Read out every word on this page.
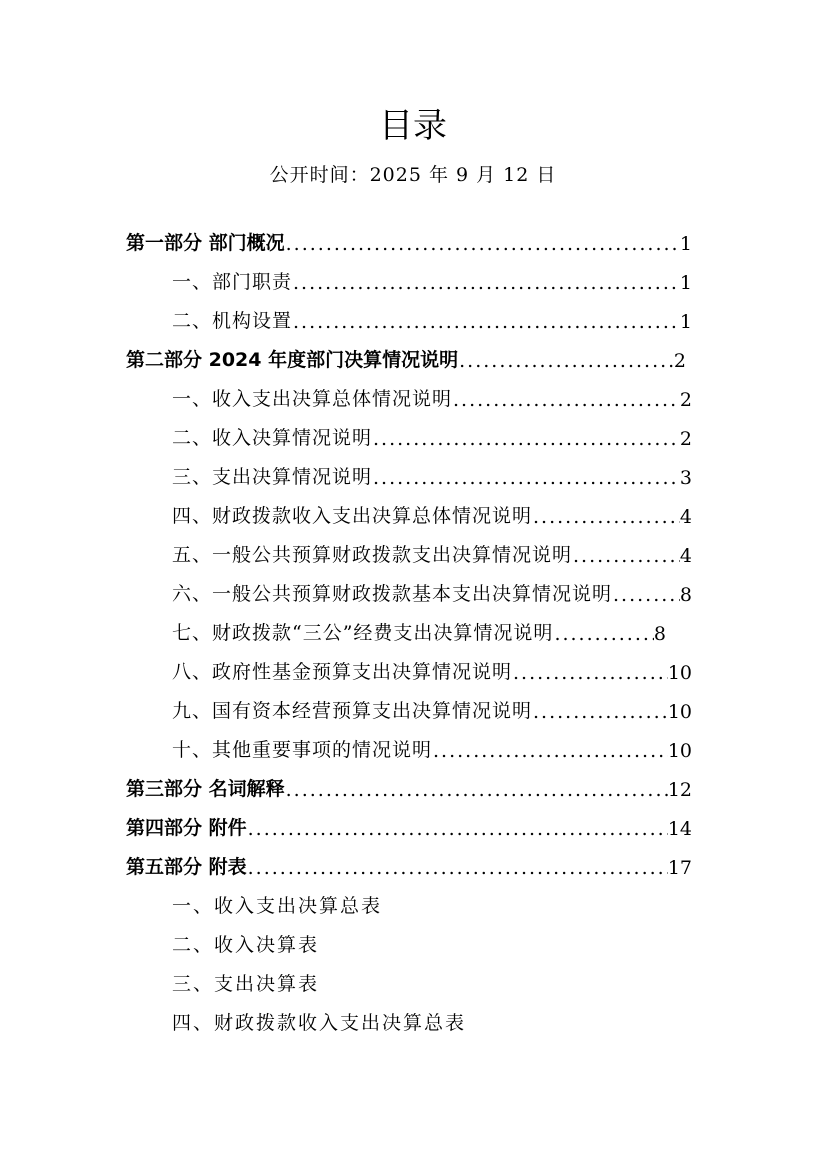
目录
公开时间：2025 年 9 月 12 日
第一部分 部门概况 .....	1
一、部门职责 .....	1
二、机构设置 .....	1
第二部分 2024 年度部门决算情况说明 .....	2
一、收入支出决算总体情况说明 .....	2
二、收入决算情况说明 .....	2
三、支出决算情况说明 .....	3
四、财政拨款收入支出决算总体情况说明 .....	4
五、一般公共预算财政拨款支出决算情况说明 .....	4
六、一般公共预算财政拨款基本支出决算情况说明 .....	8
七、财政拨款“三公”经费支出决算情况说明 .....	8
八、政府性基金预算支出决算情况说明 .....	10
九、国有资本经营预算支出决算情况说明 .....	10
十、其他重要事项的情况说明 .....	10
第三部分 名词解释 .....	12
第四部分 附件 .....	14
第五部分 附表 .....	17
一、收入支出决算总表
二、收入决算表
三、支出决算表
四、财政拨款收入支出决算总表
